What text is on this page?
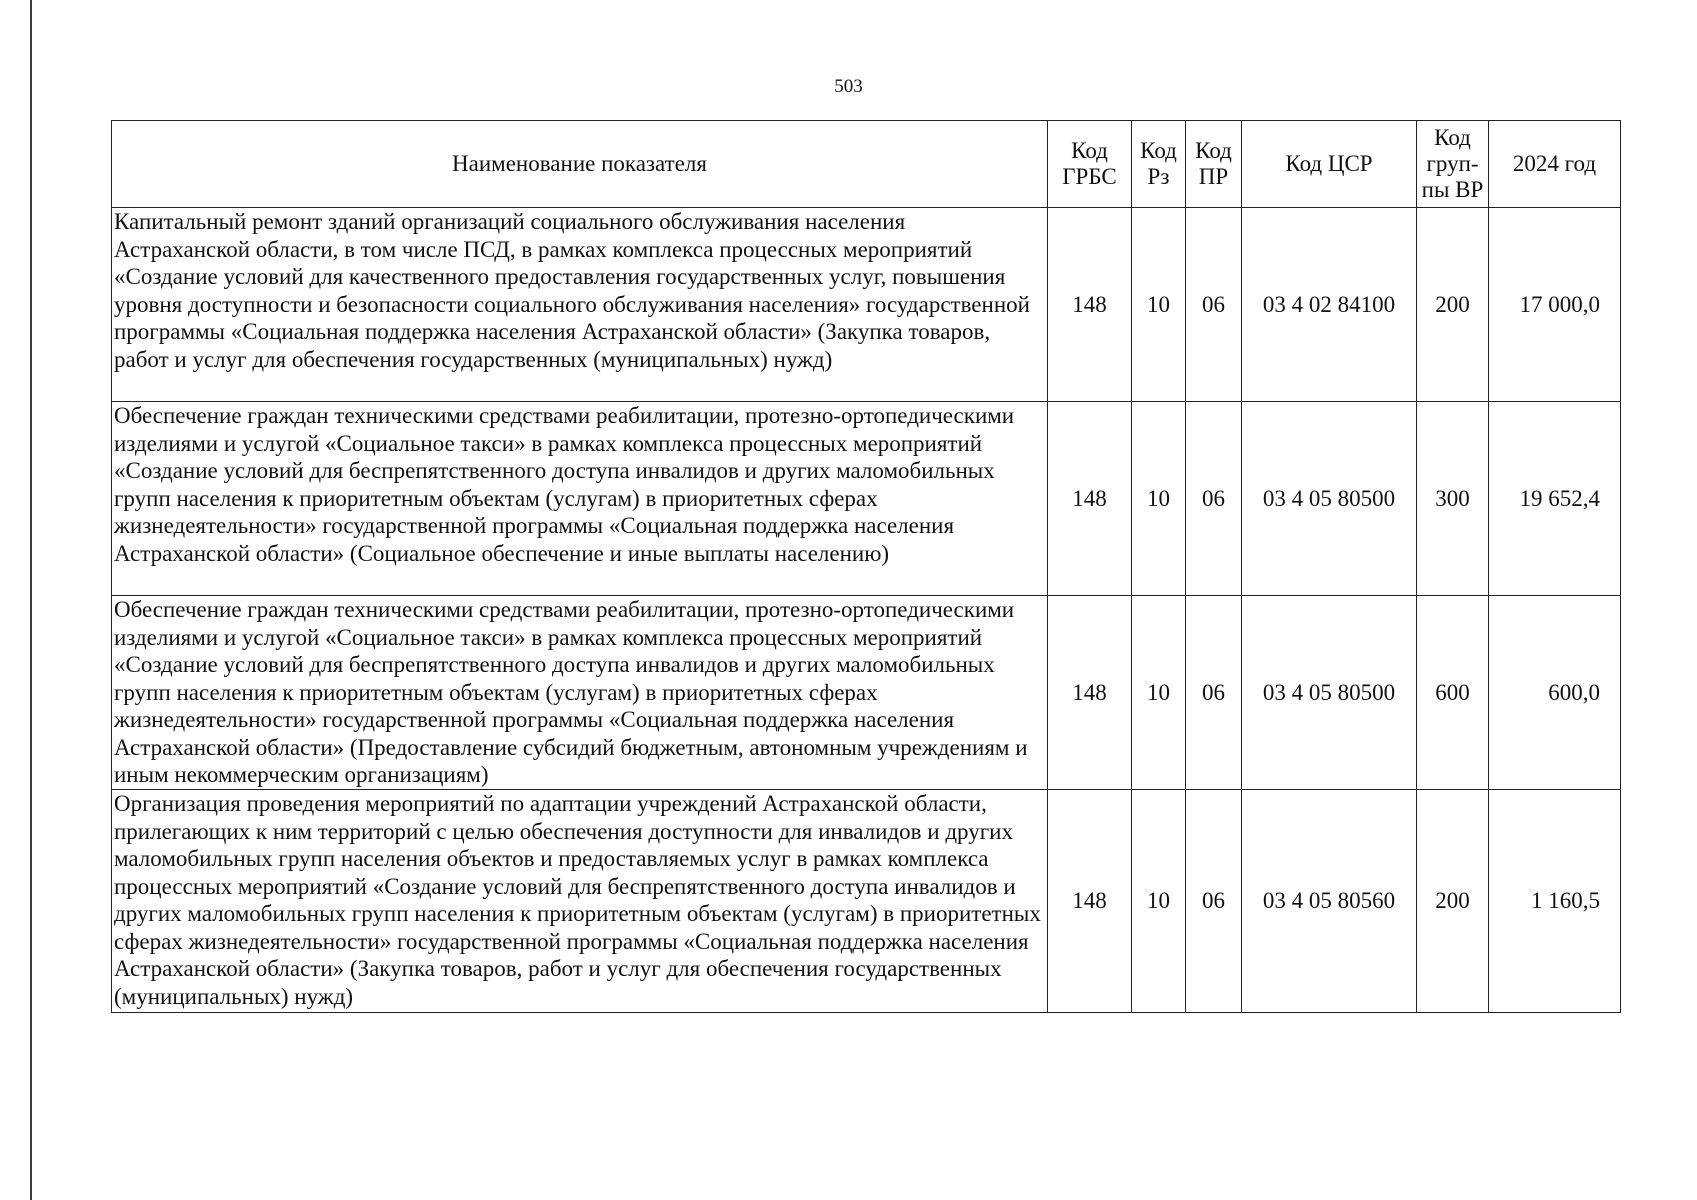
503
Наименование показателя	Код ГРБС	Код Рз	Код ПР	Код ЦСР	Код груп-пы ВР	2024 год
Капитальный ремонт зданий организаций социального обслуживания населения Астраханской области, в том числе ПСД, в рамках комплекса процессных мероприятий «Создание условий для качественного предоставления государственных услуг, повышения уровня доступности и безопасности социального обслуживания населения» государственной программы «Социальная поддержка населения Астраханской области» (Закупка товаров, работ и услуг для обеспечения государственных (муниципальных) нужд)	148	10	06	03 4 02 84100	200	17 000,0
Обеспечение граждан техническими средствами реабилитации, протезно-ортопедическими изделиями и услугой «Социальное такси» в рамках комплекса процессных мероприятий «Создание условий для беспрепятственного доступа инвалидов и других маломобильных групп населения к приоритетным объектам (услугам) в приоритетных сферах жизнедеятельности» государственной программы «Социальная поддержка населения Астраханской области» (Социальное обеспечение и иные выплаты населению)	148	10	06	03 4 05 80500	300	19 652,4
Обеспечение граждан техническими средствами реабилитации, протезно-ортопедическими изделиями и услугой «Социальное такси» в рамках комплекса процессных мероприятий «Создание условий для беспрепятственного доступа инвалидов и других маломобильных групп населения к приоритетным объектам (услугам) в приоритетных сферах жизнедеятельности» государственной программы «Социальная поддержка населения Астраханской области» (Предоставление субсидий бюджетным, автономным учреждениям и иным некоммерческим организациям)	148	10	06	03 4 05 80500	600	600,0
Организация проведения мероприятий по адаптации учреждений Астраханской области, прилегающих к ним территорий с целью обеспечения доступности для инвалидов и других маломобильных групп населения объектов и предоставляемых услуг в рамках комплекса процессных мероприятий «Создание условий для беспрепятственного доступа инвалидов и других маломобильных групп населения к приоритетным объектам (услугам) в приоритетных сферах жизнедеятельности» государственной программы «Социальная поддержка населения Астраханской области» (Закупка товаров, работ и услуг для обеспечения государственных (муниципальных) нужд)	148	10	06	03 4 05 80560	200	1 160,5
